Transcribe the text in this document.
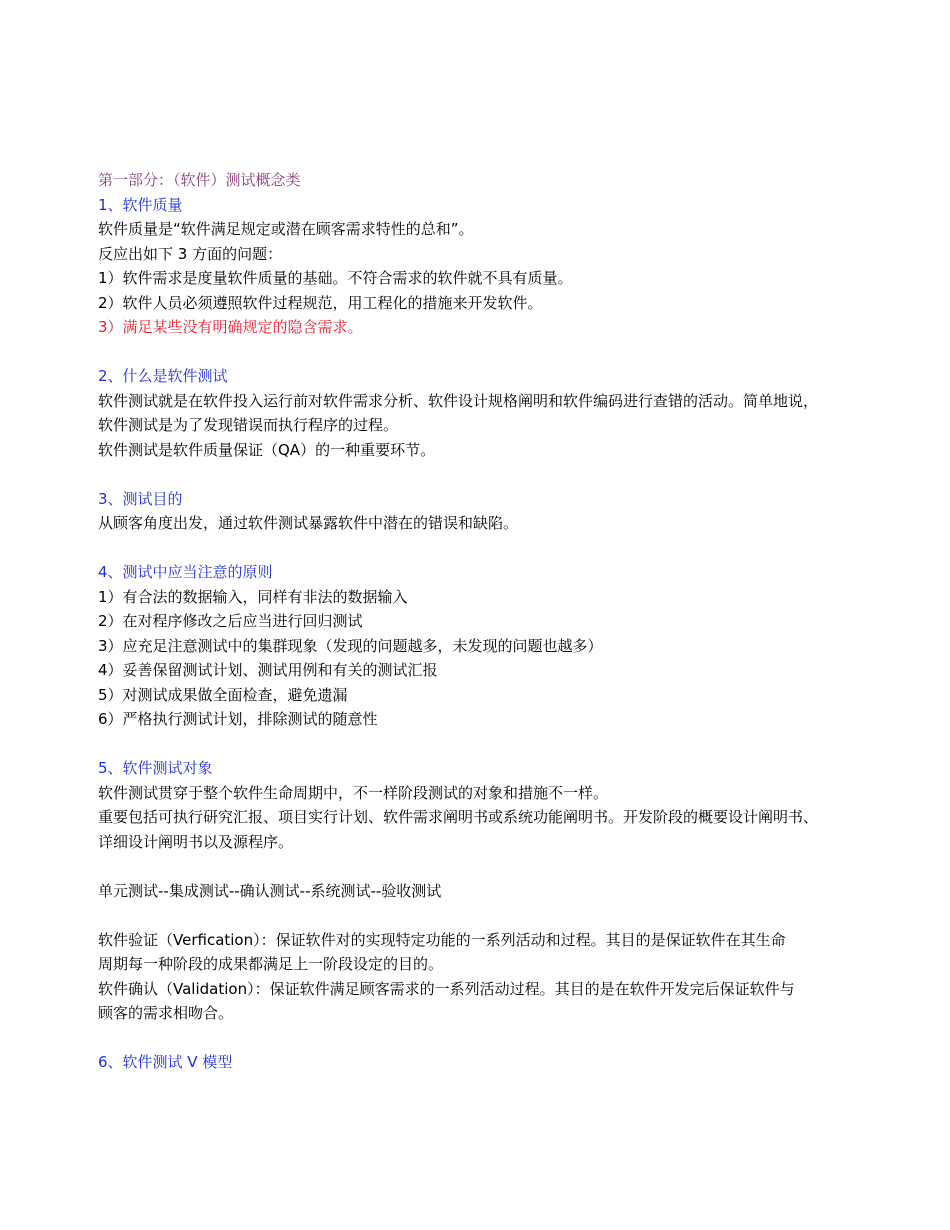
第一部分：（软件）测试概念类
1、软件质量
软件质量是“软件满足规定或潜在顾客需求特性的总和”。
反应出如下 3 方面的问题：
1）软件需求是度量软件质量的基础。不符合需求的软件就不具有质量。
2）软件人员必须遵照软件过程规范，用工程化的措施来开发软件。
3）满足某些没有明确规定的隐含需求。
2、什么是软件测试
软件测试就是在软件投入运行前对软件需求分析、软件设计规格阐明和软件编码进行查错的活动。简单地说，
软件测试是为了发现错误而执行程序的过程。
软件测试是软件质量保证（QA）的一种重要环节。
3、测试目的
从顾客角度出发，通过软件测试暴露软件中潜在的错误和缺陷。
4、测试中应当注意的原则
1）有合法的数据输入，同样有非法的数据输入
2）在对程序修改之后应当进行回归测试
3）应充足注意测试中的集群现象（发现的问题越多，未发现的问题也越多）
4）妥善保留测试计划、测试用例和有关的测试汇报
5）对测试成果做全面检查，避免遗漏
6）严格执行测试计划，排除测试的随意性
5、软件测试对象
软件测试贯穿于整个软件生命周期中，不一样阶段测试的对象和措施不一样。
重要包括可执行研究汇报、项目实行计划、软件需求阐明书或系统功能阐明书。开发阶段的概要设计阐明书、
详细设计阐明书以及源程序。
单元测试--集成测试--确认测试--系统测试--验收测试
软件验证（Verfication）：保证软件对的实现特定功能的一系列活动和过程。其目的是保证软件在其生命
周期每一种阶段的成果都满足上一阶段设定的目的。
软件确认（Validation）：保证软件满足顾客需求的一系列活动过程。其目的是在软件开发完后保证软件与
顾客的需求相吻合。
6、软件测试 V 模型
